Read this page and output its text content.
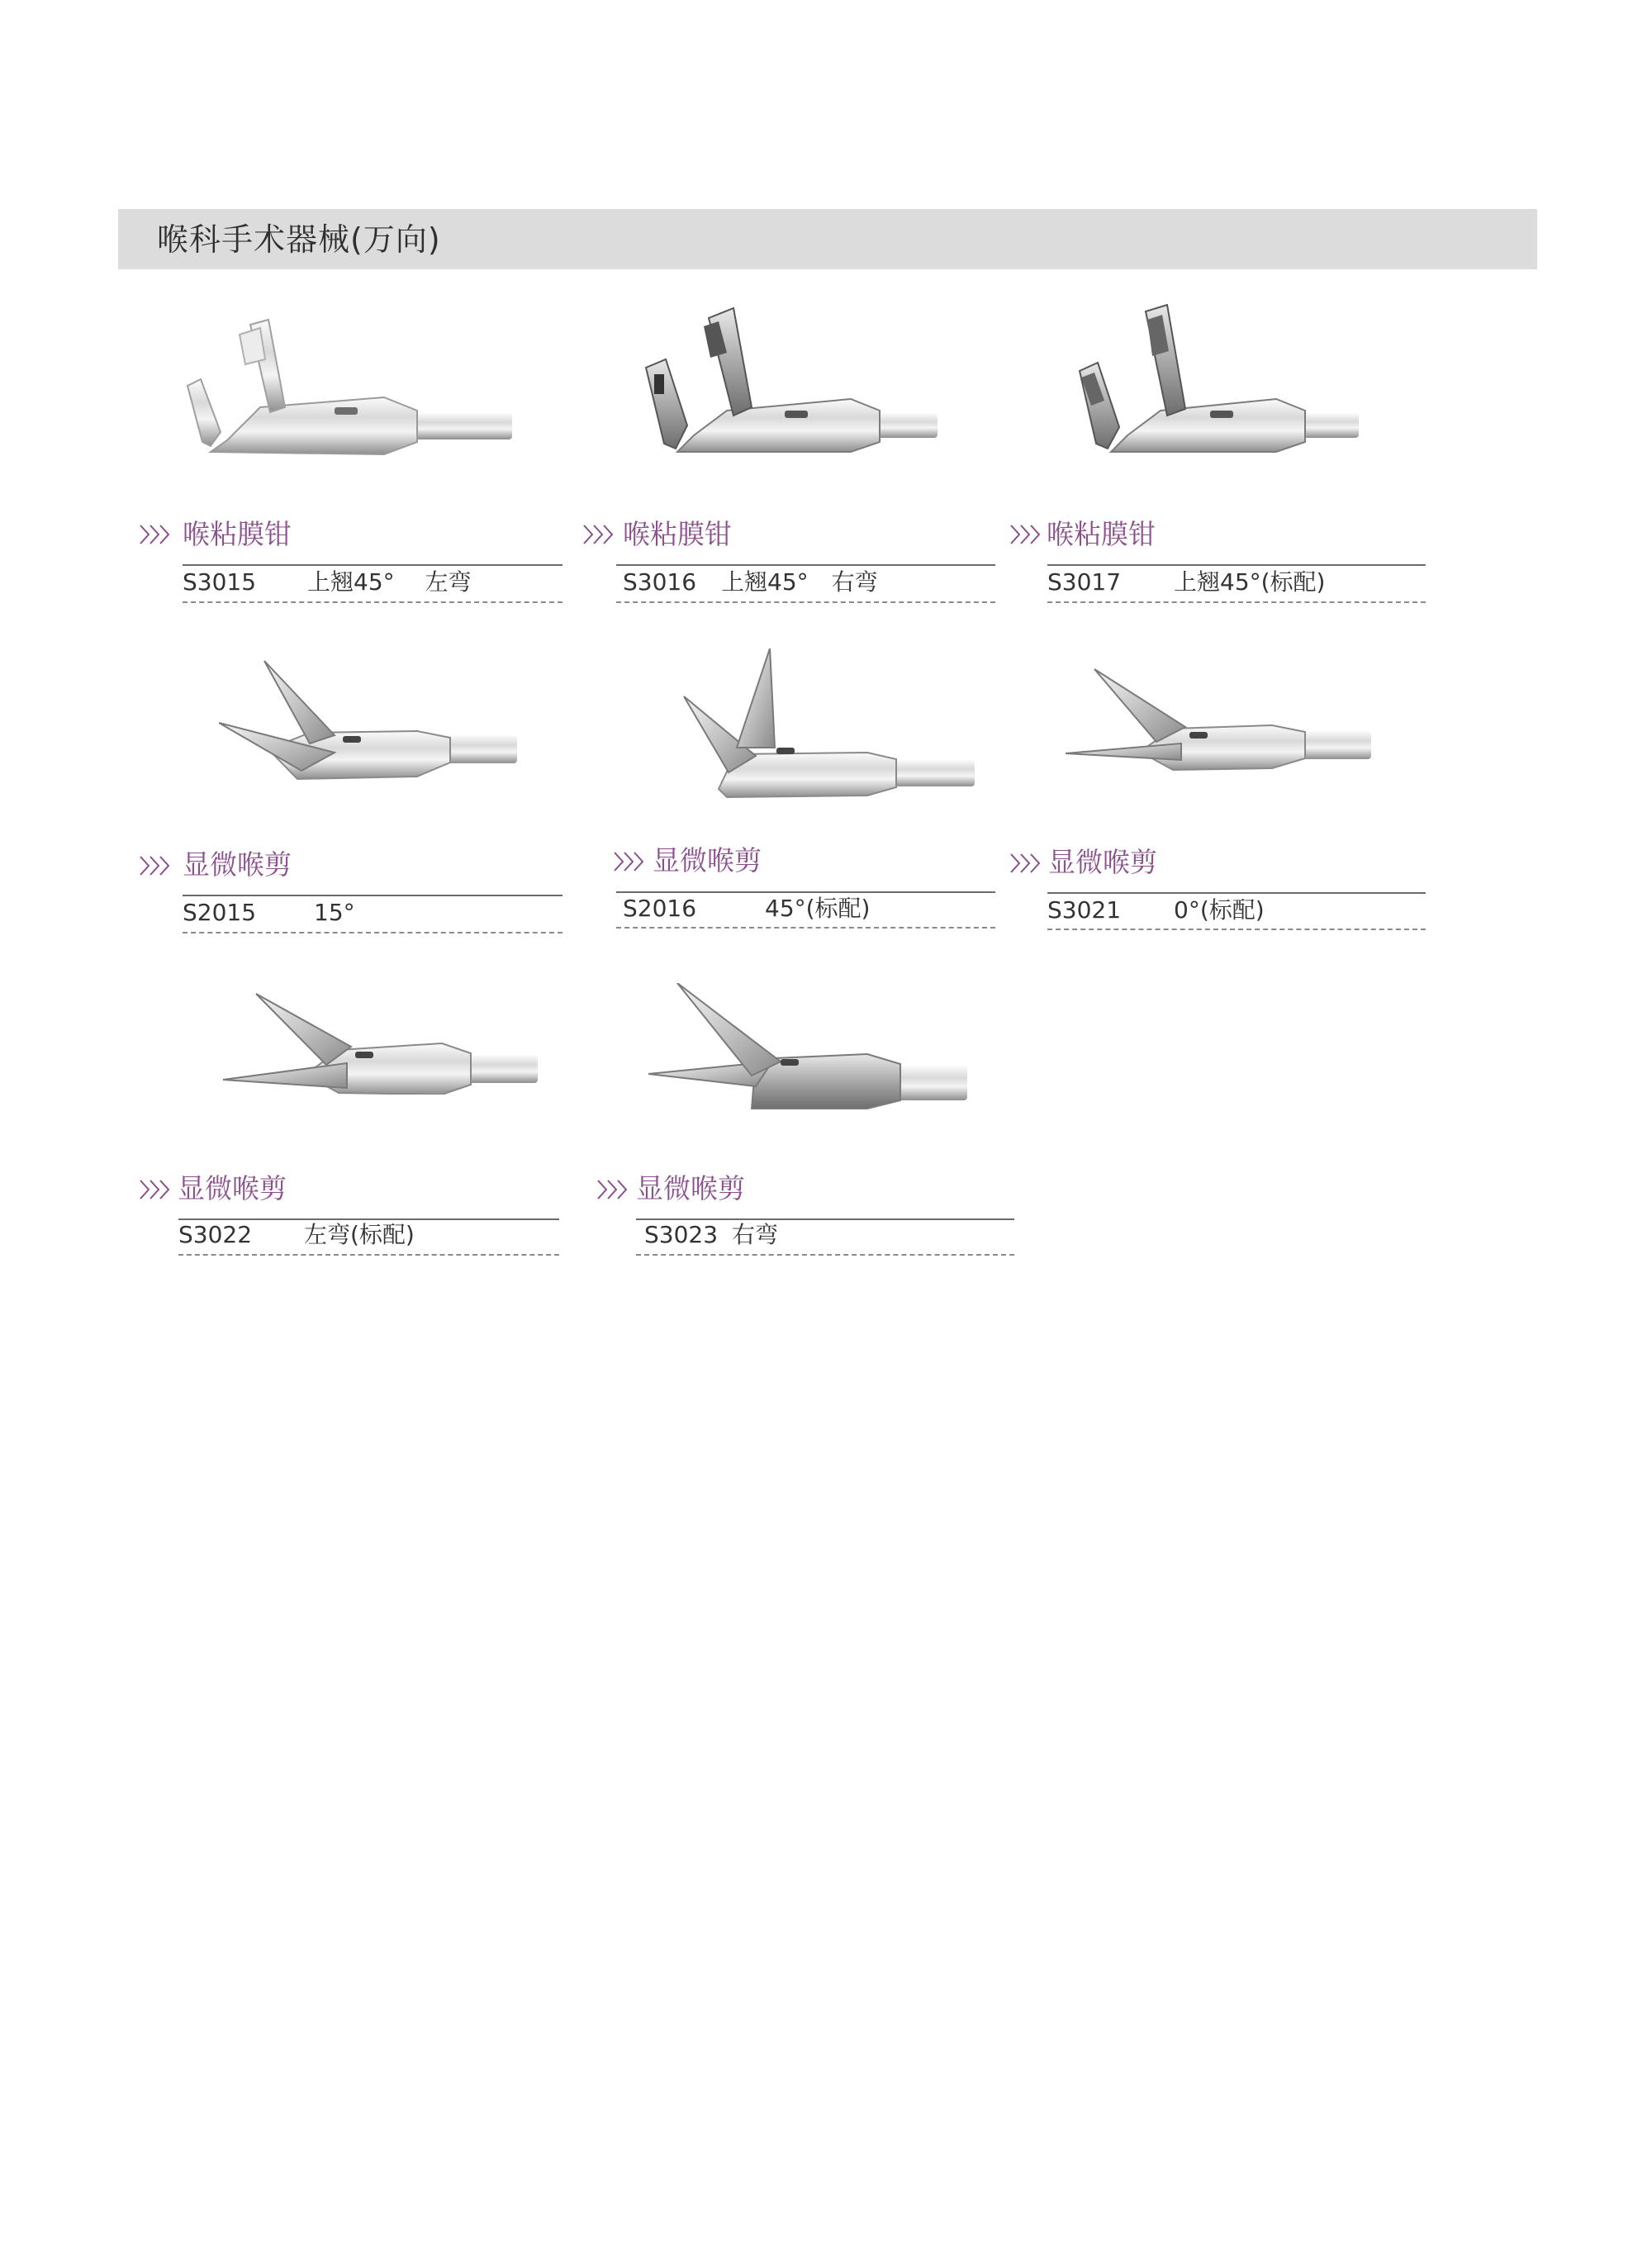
喉科手术器械(万向)
喉粘膜钳
S3015 上翘45°　 左弯
喉粘膜钳
S3016 上翘45°　右弯
喉粘膜钳
S3017 上翘45°(标配)
显微喉剪
S2015 15°
显微喉剪
S2016	45°(标配)
显微喉剪
S3021 0°(标配)
显微喉剪
S3022 左弯(标配)
显微喉剪
S3023 右弯
